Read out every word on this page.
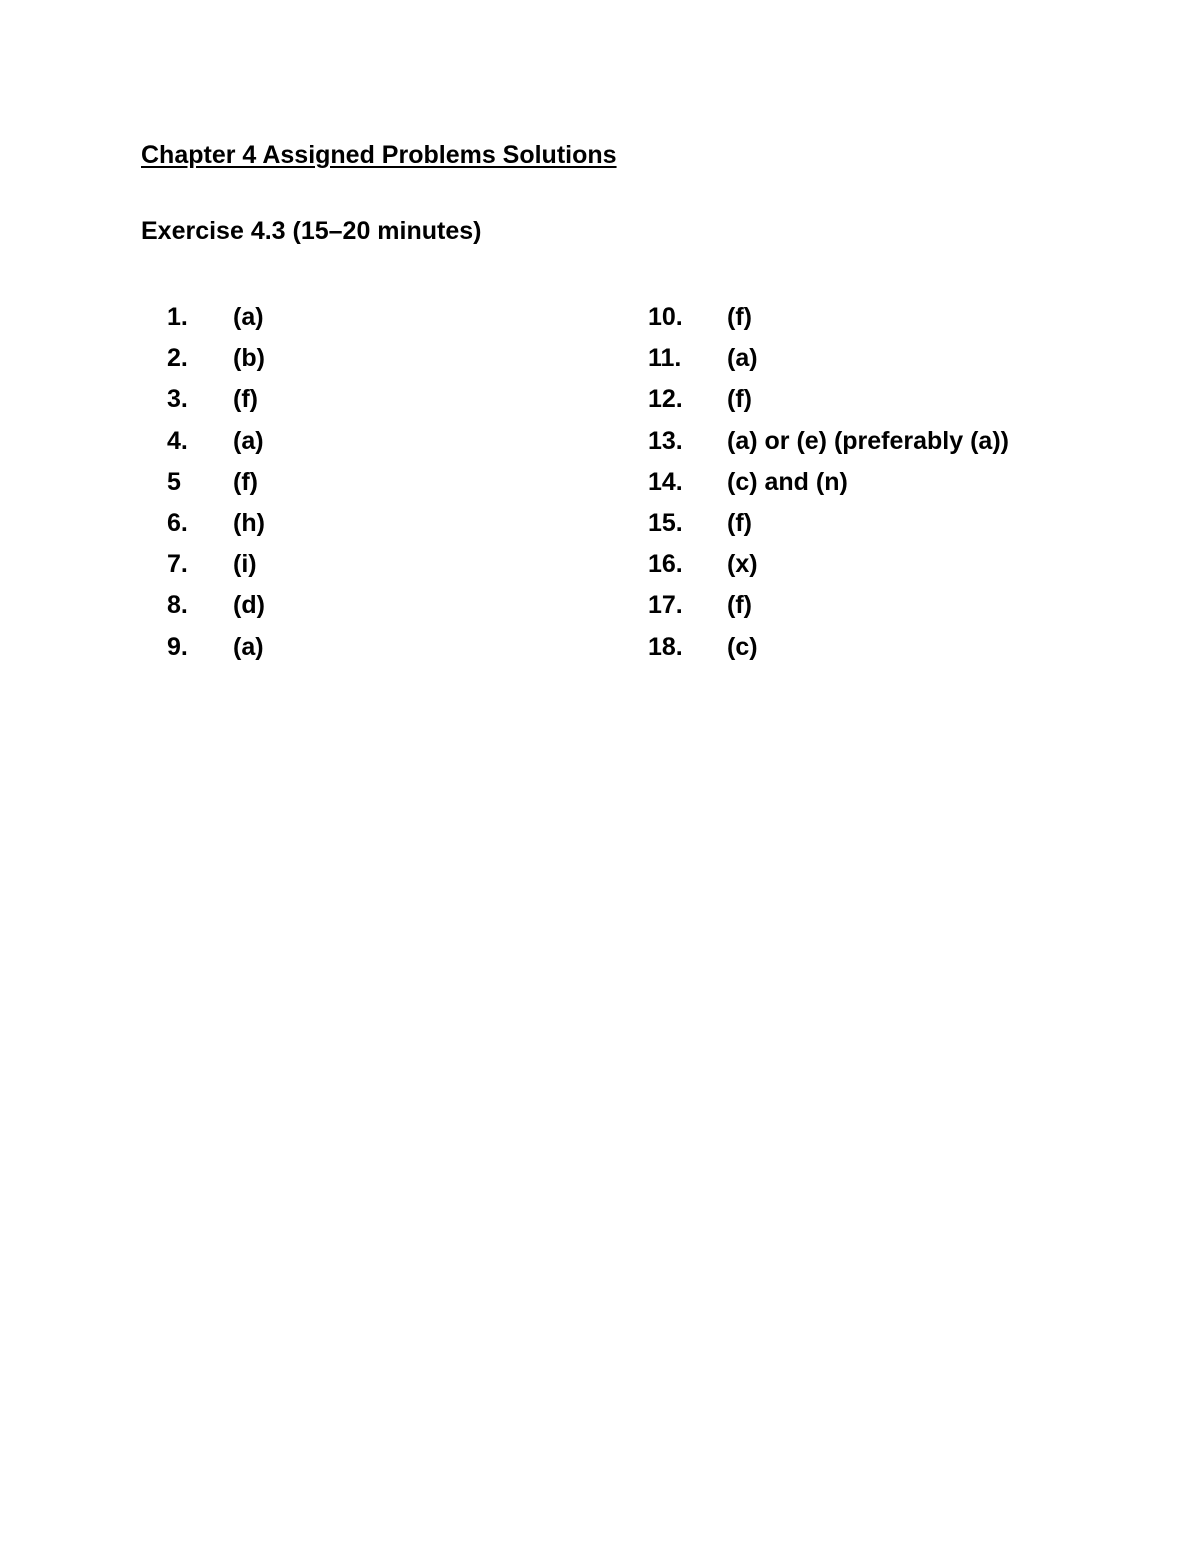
Chapter 4 Assigned Problems Solutions
Exercise 4.3 (15–20 minutes)
1.	(a)
2.	(b)
3.	(f)
4.	(a)
5	(f)
6.	(h)
7.	(i)
8.	(d)
9.	(a)
10.	(f)
11.	(a)
12.	(f)
13.	(a) or (e) (preferably (a))
14.	(c) and (n)
15.	(f)
16.	(x)
17.	(f)
18.	(c)
